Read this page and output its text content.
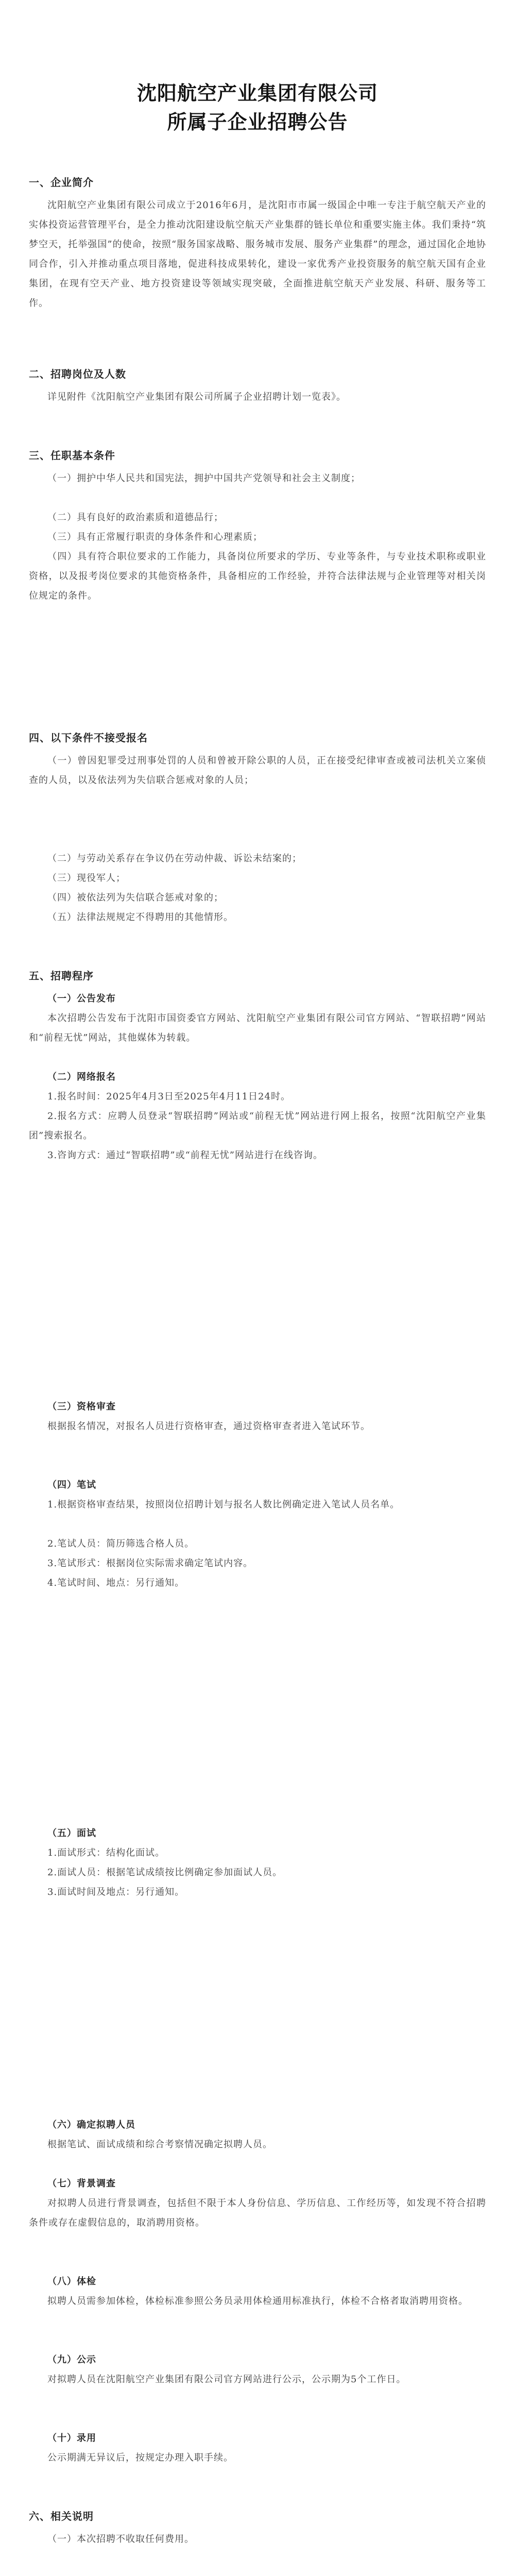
沈阳航空产业集团有限公司
所属子企业招聘公告
一、企业简介
沈阳航空产业集团有限公司成立于2016年6月，是沈阳市市属一级国企中唯一专注于航空航天产业的实体投资运营管理平台，是全力推动沈阳建设航空航天产业集群的链长单位和重要实施主体。我们秉持“筑梦空天，托举强国”的使命，按照“服务国家战略、服务城市发展、服务产业集群”的理念，通过国化企地协同合作，引入并推动重点项目落地，促进科技成果转化，建设一家优秀产业投资服务的航空航天国有企业集团，在现有空天产业、地方投资建设等领域实现突破，全面推进航空航天产业发展、科研、服务等工作。
二、招聘岗位及人数
详见附件《沈阳航空产业集团有限公司所属子企业招聘计划一览表》。
三、任职基本条件
（一）拥护中华人民共和国宪法，拥护中国共产党领导和社会主义制度；
（二）具有良好的政治素质和道德品行；
（三）具有正常履行职责的身体条件和心理素质；
（四）具有符合职位要求的工作能力，具备岗位所要求的学历、专业等条件，与专业技术职称或职业资格，以及报考岗位要求的其他资格条件，具备相应的工作经验，并符合法律法规与企业管理等对相关岗位规定的条件。
四、以下条件不接受报名
（一）曾因犯罪受过刑事处罚的人员和曾被开除公职的人员，正在接受纪律审查或被司法机关立案侦查的人员，以及依法列为失信联合惩戒对象的人员；
（二）与劳动关系存在争议仍在劳动仲裁、诉讼未结案的；
（三）现役军人；
（四）被依法列为失信联合惩戒对象的；
（五）法律法规规定不得聘用的其他情形。
五、招聘程序
（一）公告发布
本次招聘公告发布于沈阳市国资委官方网站、沈阳航空产业集团有限公司官方网站、“智联招聘”网站和“前程无忧”网站，其他媒体为转载。
（二）网络报名
1.报名时间：2025年4月3日至2025年4月11日24时。
2.报名方式：应聘人员登录“智联招聘”网站或“前程无忧”网站进行网上报名，按照“沈阳航空产业集团”搜索报名。
3.咨询方式：通过“智联招聘”或“前程无忧”网站进行在线咨询。
（三）资格审查
根据报名情况，对报名人员进行资格审查，通过资格审查者进入笔试环节。
（四）笔试
1.根据资格审查结果，按照岗位招聘计划与报名人数比例确定进入笔试人员名单。
2.笔试人员：简历筛选合格人员。
3.笔试形式：根据岗位实际需求确定笔试内容。
4.笔试时间、地点：另行通知。
（五）面试
1.面试形式：结构化面试。
2.面试人员：根据笔试成绩按比例确定参加面试人员。
3.面试时间及地点：另行通知。
（六）确定拟聘人员
根据笔试、面试成绩和综合考察情况确定拟聘人员。
（七）背景调查
对拟聘人员进行背景调查，包括但不限于本人身份信息、学历信息、工作经历等，如发现不符合招聘条件或存在虚假信息的，取消聘用资格。
（八）体检
拟聘人员需参加体检，体检标准参照公务员录用体检通用标准执行，体检不合格者取消聘用资格。
（九）公示
对拟聘人员在沈阳航空产业集团有限公司官方网站进行公示，公示期为5个工作日。
（十）录用
公示期满无异议后，按规定办理入职手续。
六、相关说明
（一）本次招聘不收取任何费用。
